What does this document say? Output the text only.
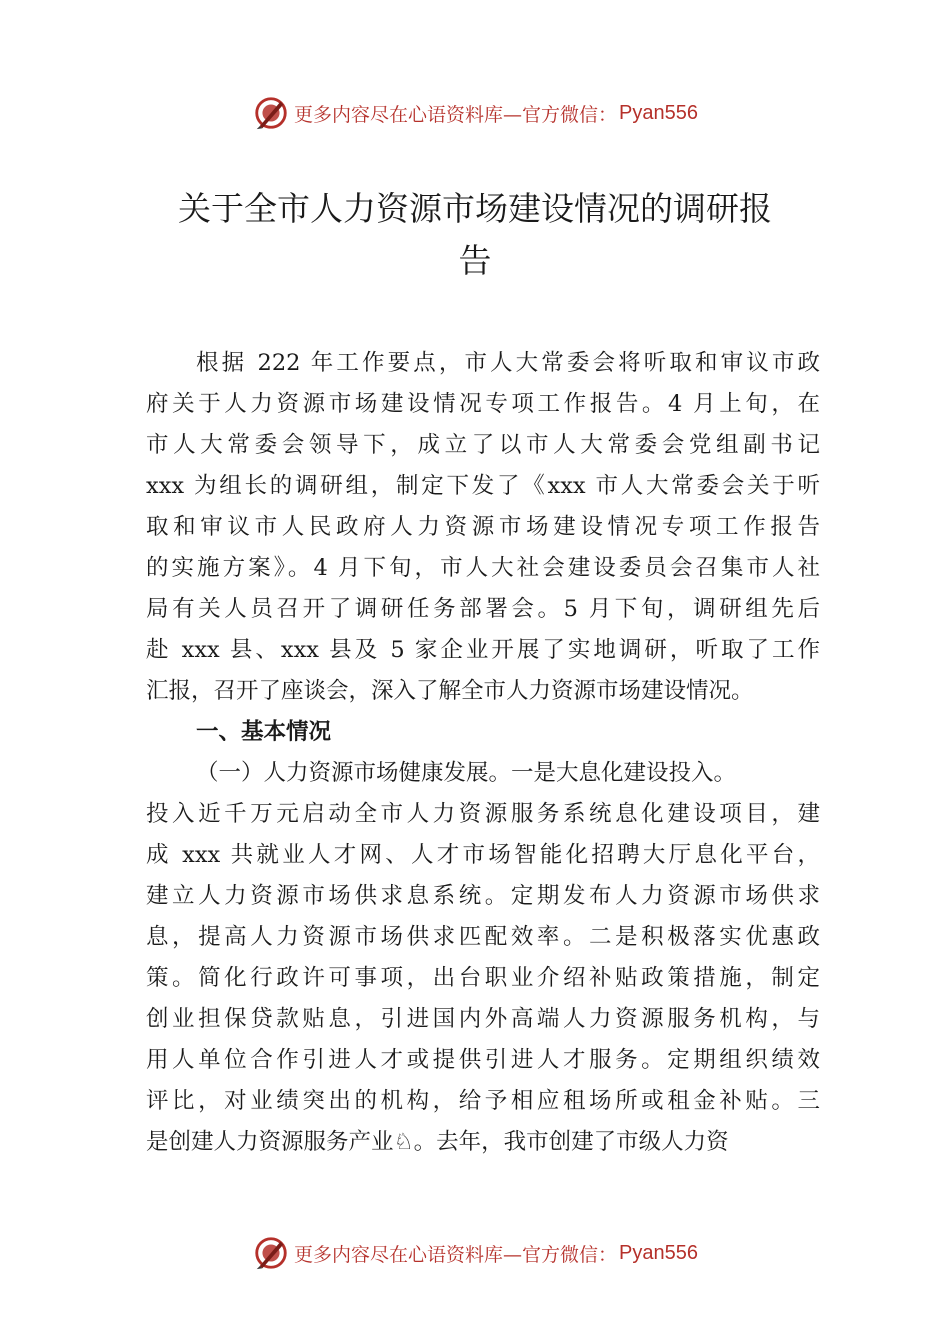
更多内容尽在心语资料库— 官方微信： Pyan556
关于全市人力资源市场建设情况的调研报
告
根据 222 年工作要点，市人大常委会将听取和审议市政
府关于人力资源市场建设情况专项工作报告。4 月上旬，在
市人大常委会领导下，成立了以市人大常委会党组副书记
xxx 为组长的调研组，制定下发了《xxx 市人大常委会关于听
取和审议市人民政府人力资源市场建设情况专项工作报告
的实施方案》。4 月下旬，市人大社会建设委员会召集市人社
局有关人员召开了调研任务部署会。5 月下旬，调研组先后
赴 xxx 县、xxx 县及 5 家企业开展了实地调研，听取了工作
汇报，召开了座谈会，深入了解全市人力资源市场建设情况。
一、基本情况
（一）人力资源市场健康发展。一是大息化建设投入。
投入近千万元启动全市人力资源服务系统息化建设项目，建
成 xxx 共就业人才网、人才市场智能化招聘大厅息化平台，
建立人力资源市场供求息系统。定期发布人力资源市场供求
息，提高人力资源市场供求匹配效率。二是积极落实优惠政
策。简化行政许可事项，出台职业介绍补贴政策措施，制定
创业担保贷款贴息，引进国内外高端人力资源服务机构，与
用人单位合作引进人才或提供引进人才服务。定期组织绩效
评比，对业绩突出的机构，给予相应租场所或租金补贴。三
是创建人力资源服务产业♘。去年，我市创建了市级人力资
更多内容尽在心语资料库— 官方微信： Pyan556
